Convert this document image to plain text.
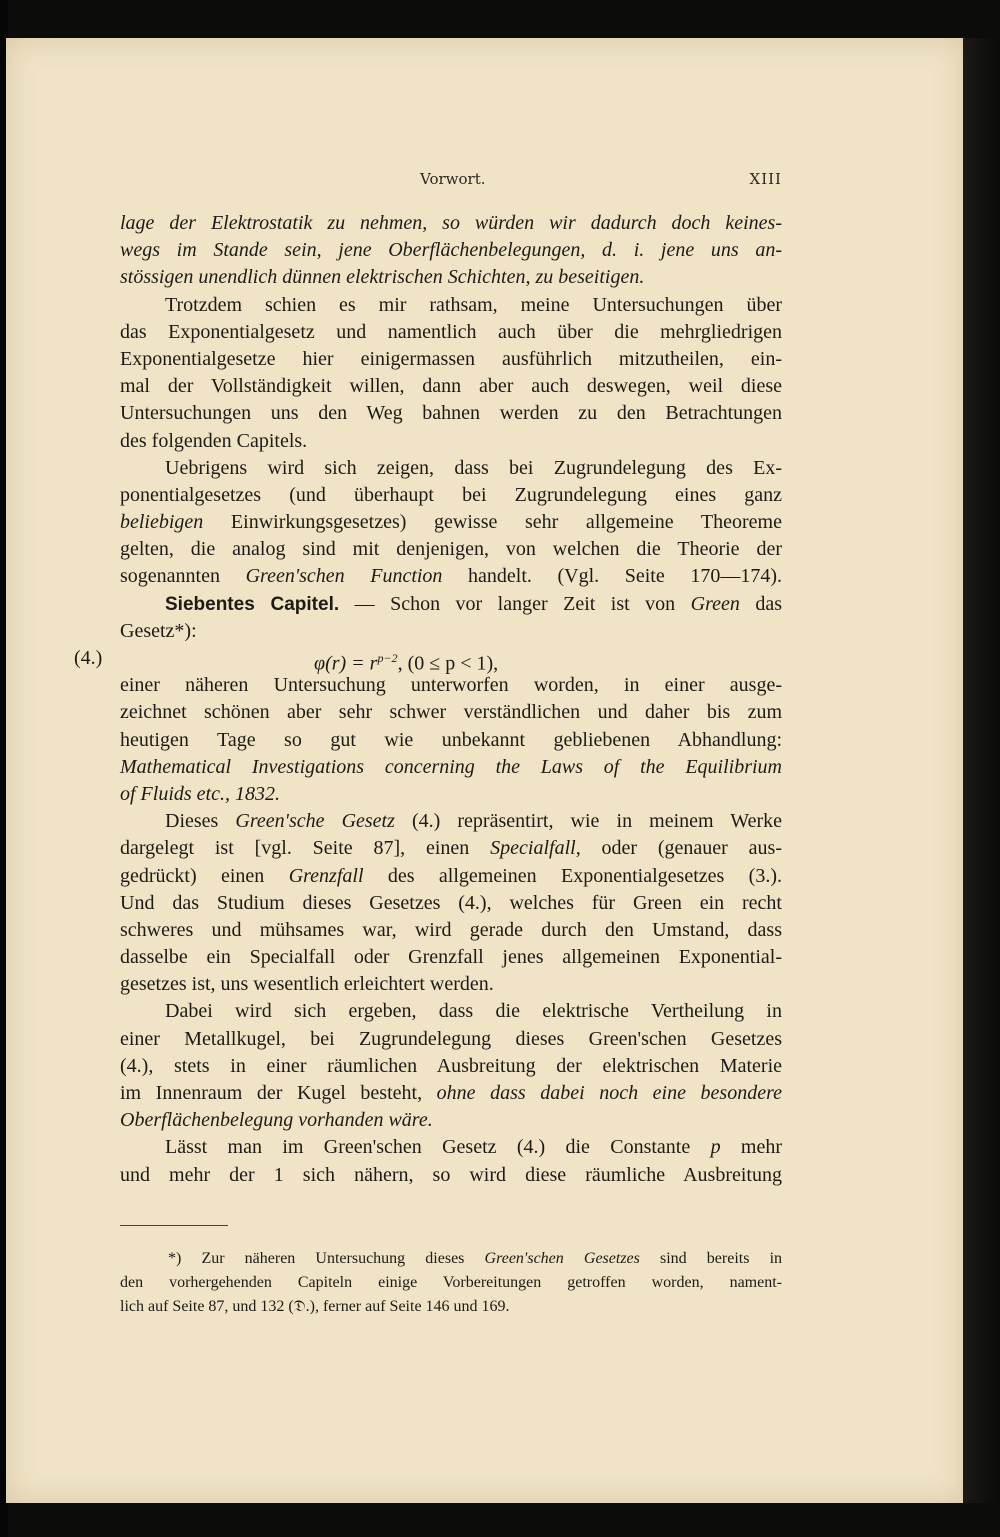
Vorwort.	XIII
lage der Elektrostatik zu nehmen, so würden wir dadurch doch keines-
wegs im Stande sein, jene Oberflächenbelegungen, d. i. jene uns an-
stössigen unendlich dünnen elektrischen Schichten, zu beseitigen.
Trotzdem schien es mir rathsam, meine Untersuchungen über
das Exponentialgesetz und namentlich auch über die mehrgliedrigen
Exponentialgesetze hier einigermassen ausführlich mitzutheilen, ein-
mal der Vollständigkeit willen, dann aber auch deswegen, weil diese
Untersuchungen uns den Weg bahnen werden zu den Betrachtungen
des folgenden Capitels.
Uebrigens wird sich zeigen, dass bei Zugrundelegung des Ex-
ponentialgesetzes (und überhaupt bei Zugrundelegung eines ganz
beliebigen Einwirkungsgesetzes) gewisse sehr allgemeine Theoreme
gelten, die analog sind mit denjenigen, von welchen die Theorie der
sogenannten Green'schen Function handelt. (Vgl. Seite 170—174).
Siebentes Capitel. — Schon vor langer Zeit ist von Green das
Gesetz*):
(4.)	$\varphi(r) = r^{p-2}$, (0 ≤ p < 1),
einer näheren Untersuchung unterworfen worden, in einer ausge-
zeichnet schönen aber sehr schwer verständlichen und daher bis zum
heutigen Tage so gut wie unbekannt gebliebenen Abhandlung:
Mathematical Investigations concerning the Laws of the Equilibrium
of Fluids etc., 1832.
Dieses Green'sche Gesetz (4.) repräsentirt, wie in meinem Werke
dargelegt ist [vgl. Seite 87], einen Specialfall, oder (genauer aus-
gedrückt) einen Grenzfall des allgemeinen Exponentialgesetzes (3.).
Und das Studium dieses Gesetzes (4.), welches für Green ein recht
schweres und mühsames war, wird gerade durch den Umstand, dass
dasselbe ein Specialfall oder Grenzfall jenes allgemeinen Exponential-
gesetzes ist, uns wesentlich erleichtert werden.
Dabei wird sich ergeben, dass die elektrische Vertheilung in
einer Metallkugel, bei Zugrundelegung dieses Green'schen Gesetzes
(4.), stets in einer räumlichen Ausbreitung der elektrischen Materie
im Innenraum der Kugel besteht, ohne dass dabei noch eine besondere
Oberflächenbelegung vorhanden wäre.
Lässt man im Green'schen Gesetz (4.) die Constante p mehr
und mehr der 1 sich nähern, so wird diese räumliche Ausbreitung
*) Zur näheren Untersuchung dieses Green'schen Gesetzes sind bereits in
den vorhergehenden Capiteln einige Vorbereitungen getroffen worden, nament-
lich auf Seite 87, und 132 (𝔇.), ferner auf Seite 146 und 169.
